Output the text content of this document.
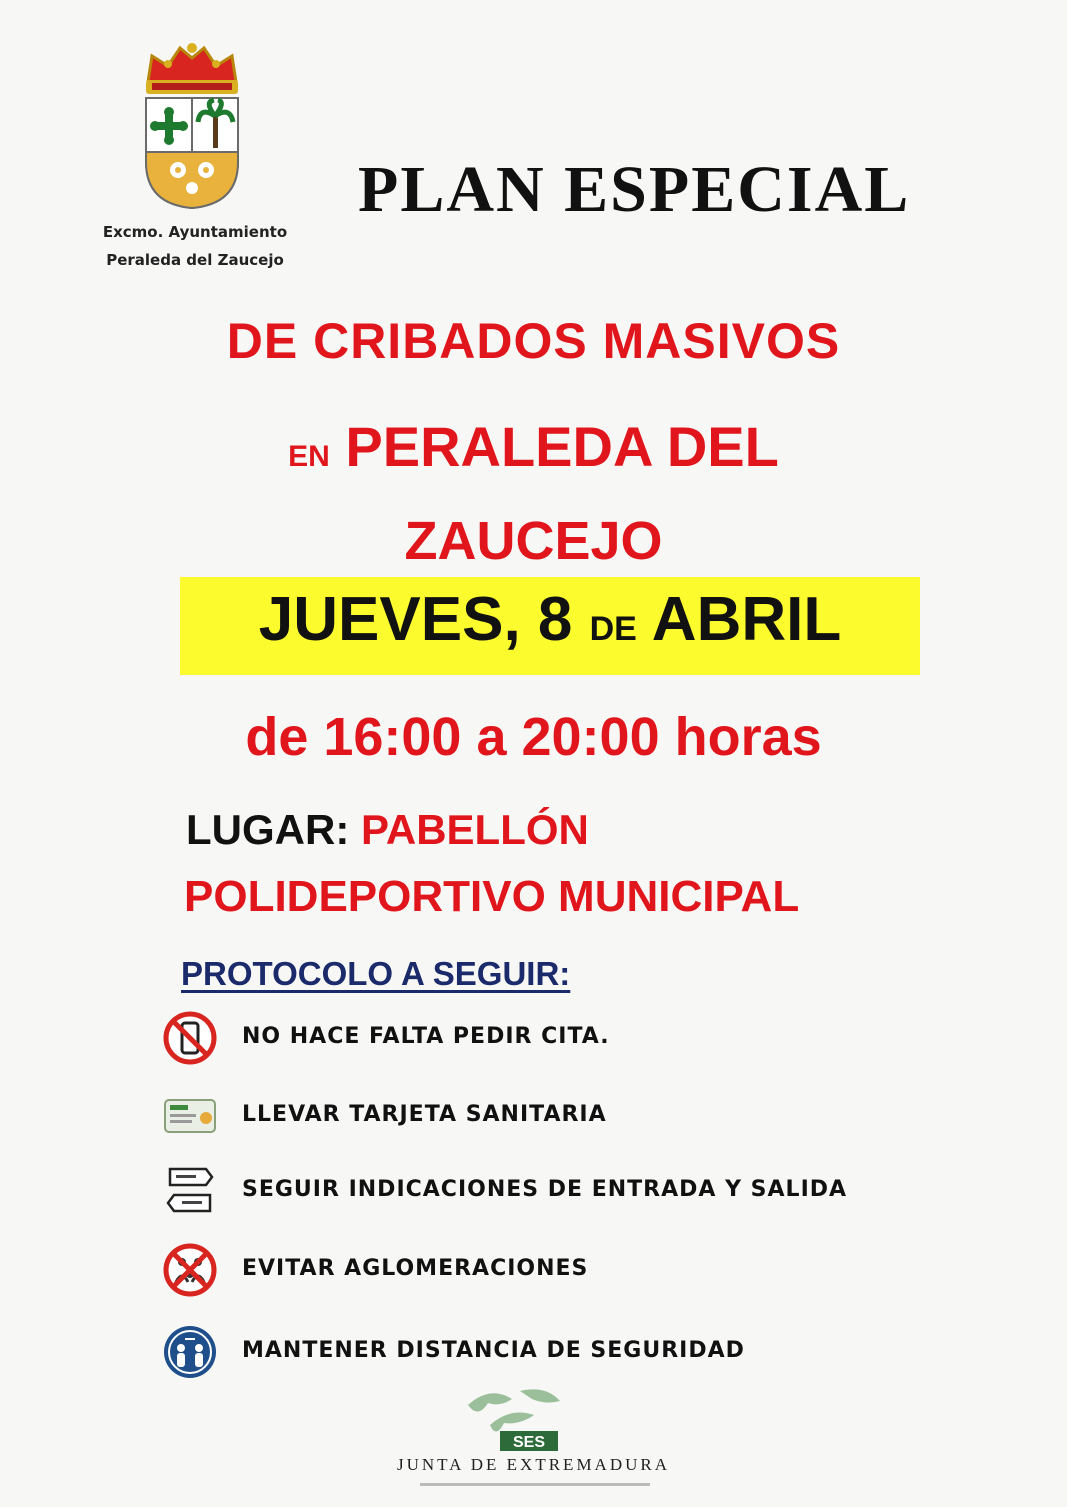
Excmo. Ayuntamiento
Peraleda del Zaucejo
PLAN ESPECIAL
DE CRIBADOS MASIVOS
EN PERALEDA DEL
ZAUCEJO
JUEVES, 8 DE ABRIL
de 16:00 a 20:00 horas
LUGAR: PABELLÓN
POLIDEPORTIVO MUNICIPAL
PROTOCOLO A SEGUIR:
NO HACE FALTA PEDIR CITA.
LLEVAR TARJETA SANITARIA
SEGUIR INDICACIONES DE ENTRADA Y SALIDA
EVITAR AGLOMERACIONES
MANTENER DISTANCIA DE SEGURIDAD
SES
JUNTA DE EXTREMADURA
